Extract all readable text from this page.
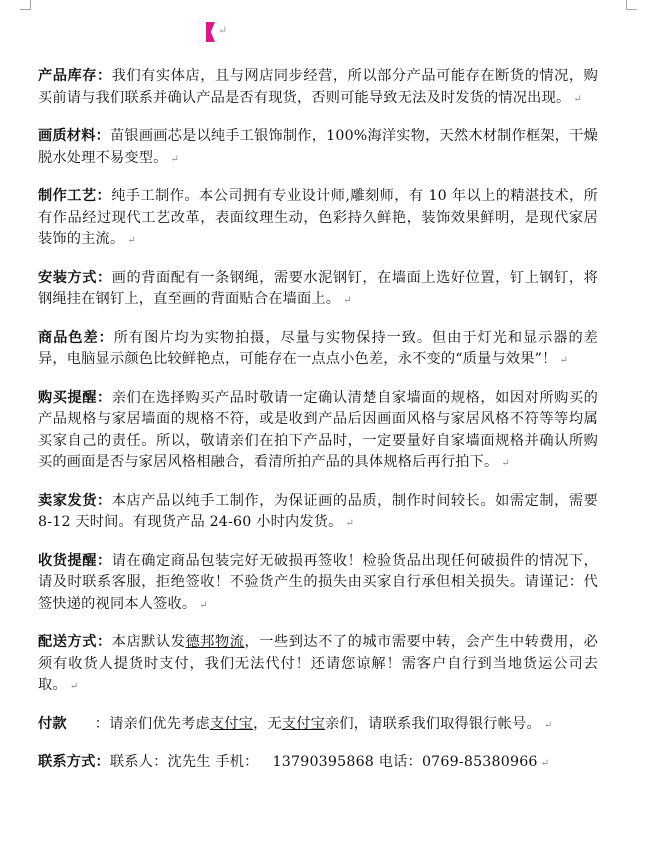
↵

产品库存：我们有实体店，且与网店同步经营，所以部分产品可能存在断货的情况，购买前请与我们联系并确认产品是否有现货，否则可能导致无法及时发货的情况出现。 ↵

画质材料：苗银画画芯是以纯手工银饰制作，100%海洋实物，天然木材制作框架，干燥脱水处理不易变型。 ↵

制作工艺：纯手工制作。本公司拥有专业设计师,雕刻师，有 10 年以上的精湛技术，所有作品经过现代工艺改革，表面纹理生动，色彩持久鲜艳，装饰效果鲜明，是现代家居装饰的主流。 ↵

安装方式：画的背面配有一条钢绳，需要水泥钢钉，在墙面上选好位置，钉上钢钉，将钢绳挂在钢钉上，直至画的背面贴合在墙面上。 ↵

商品色差：所有图片均为实物拍摄，尽量与实物保持一致。但由于灯光和显示器的差异，电脑显示颜色比较鲜艳点，可能存在一点点小色差，永不变的“质量与效果”！ ↵

购买提醒：亲们在选择购买产品时敬请一定确认清楚自家墙面的规格，如因对所购买的产品规格与家居墙面的规格不符，或是收到产品后因画面风格与家居风格不符等等均属买家自己的责任。所以，敬请亲们在拍下产品时，一定要量好自家墙面规格并确认所购买的画面是否与家居风格相融合，看清所拍产品的具体规格后再行拍下。 ↵

卖家发货：本店产品以纯手工制作，为保证画的品质，制作时间较长。如需定制，需要 8-12 天时间。有现货产品 24-60 小时内发货。 ↵

收货提醒：请在确定商品包装完好无破损再签收！检验货品出现任何破损件的情况下，请及时联系客服，拒绝签收！不验货产生的损失由买家自行承但相关损失。请谨记：代签快递的视同本人签收。 ↵

配送方式：本店默认发德邦物流，一些到达不了的城市需要中转，会产生中转费用，必须有收货人提货时支付，我们无法代付！还请您谅解！需客户自行到当地货运公司去取。 ↵

付款 ：请亲们优先考虑支付宝，无支付宝亲们，请联系我们取得银行帐号。 ↵

联系方式：联系人：沈先生 手机： 13790395868 电话：0769-85380966 ↵
